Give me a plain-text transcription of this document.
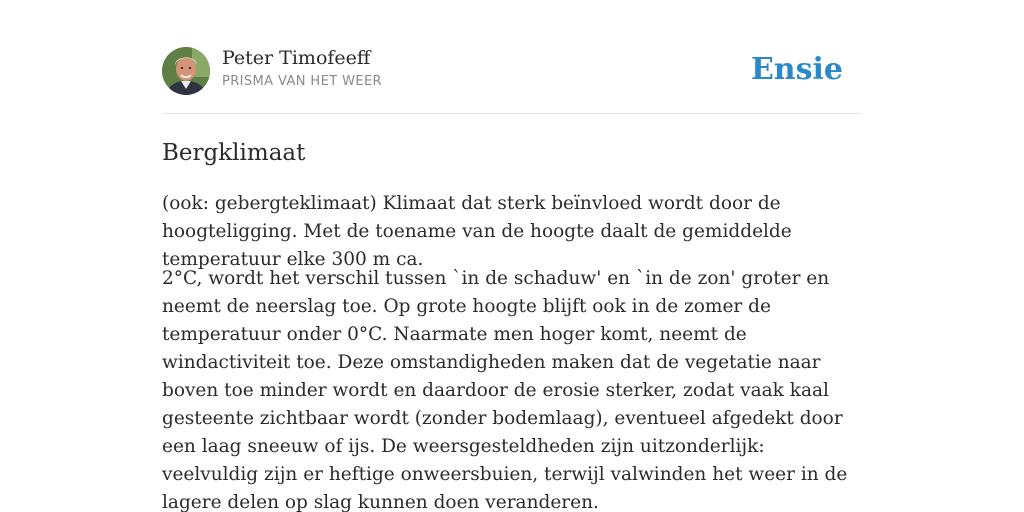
Peter Timofeeff
PRISMA VAN HET WEER	Ensie
Bergklimaat

(ook: gebergteklimaat) Klimaat dat sterk beïnvloed wordt door de hoogteligging. Met de toename van de hoogte daalt de gemiddelde temperatuur elke 300 m ca.

2°C, wordt het verschil tussen `in de schaduw' en `in de zon' groter en neemt de neerslag toe. Op grote hoogte blijft ook in de zomer de temperatuur onder 0°C. Naarmate men hoger komt, neemt de windactiviteit toe. Deze omstandigheden maken dat de vegetatie naar boven toe minder wordt en daardoor de erosie sterker, zodat vaak kaal gesteente zichtbaar wordt (zonder bodemlaag), eventueel afgedekt door een laag sneeuw of ijs. De weersgesteldheden zijn uitzonderlijk: veelvuldig zijn er heftige onweersbuien, terwijl valwinden het weer in de lagere delen op slag kunnen doen veranderen.
